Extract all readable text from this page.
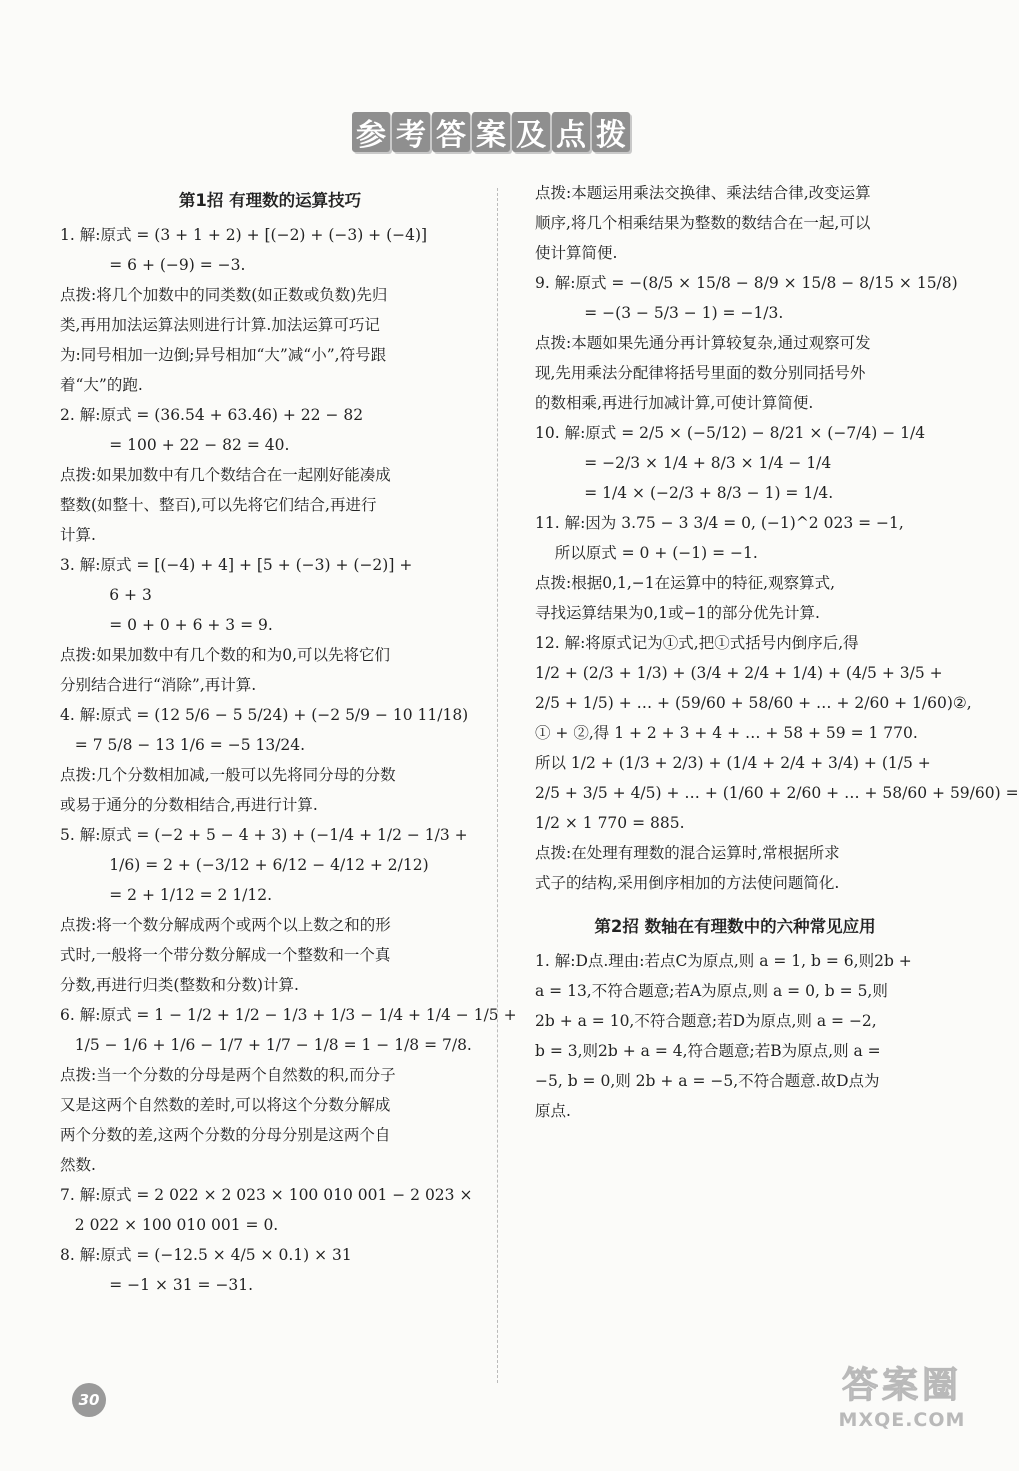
参 考 答 案 及 点 拨
第1招 有理数的运算技巧
1. 解:原式 = (3 + 1 + 2) + [(−2) + (−3) + (−4)]
= 6 + (−9) = −3.
点拨:将几个加数中的同类数(如正数或负数)先归
类,再用加法运算法则进行计算.加法运算可巧记
为:同号相加一边倒;异号相加“大”减“小”,符号跟
着“大”的跑.
2. 解:原式 = (36.54 + 63.46) + 22 − 82
= 100 + 22 − 82 = 40.
点拨:如果加数中有几个数结合在一起刚好能凑成
整数(如整十、整百),可以先将它们结合,再进行
计算.
3. 解:原式 = [(−4) + 4] + [5 + (−3) + (−2)] +
6 + 3
= 0 + 0 + 6 + 3 = 9.
点拨:如果加数中有几个数的和为0,可以先将它们
分别结合进行“消除”,再计算.
4. 解:原式 = (12 5/6 − 5 5/24) + (−2 5/9 − 10 11/18)
= 7 5/8 − 13 1/6 = −5 13/24.
点拨:几个分数相加减,一般可以先将同分母的分数
或易于通分的分数相结合,再进行计算.
5. 解:原式 = (−2 + 5 − 4 + 3) + (−1/4 + 1/2 − 1/3 +
1/6) = 2 + (−3/12 + 6/12 − 4/12 + 2/12)
= 2 + 1/12 = 2 1/12.
点拨:将一个数分解成两个或两个以上数之和的形
式时,一般将一个带分数分解成一个整数和一个真
分数,再进行归类(整数和分数)计算.
6. 解:原式 = 1 − 1/2 + 1/2 − 1/3 + 1/3 − 1/4 + 1/4 − 1/5 +
1/5 − 1/6 + 1/6 − 1/7 + 1/7 − 1/8 = 1 − 1/8 = 7/8.
点拨:当一个分数的分母是两个自然数的积,而分子
又是这两个自然数的差时,可以将这个分数分解成
两个分数的差,这两个分数的分母分别是这两个自
然数.
7. 解:原式 = 2 022 × 2 023 × 100 010 001 − 2 023 ×
2 022 × 100 010 001 = 0.
8. 解:原式 = (−12.5 × 4/5 × 0.1) × 31
= −1 × 31 = −31.
点拨:本题运用乘法交换律、乘法结合律,改变运算
顺序,将几个相乘结果为整数的数结合在一起,可以
使计算简便.
9. 解:原式 = −(8/5 × 15/8 − 8/9 × 15/8 − 8/15 × 15/8)
= −(3 − 5/3 − 1) = −1/3.
点拨:本题如果先通分再计算较复杂,通过观察可发
现,先用乘法分配律将括号里面的数分别同括号外
的数相乘,再进行加减计算,可使计算简便.
10. 解:原式 = 2/5 × (−5/12) − 8/21 × (−7/4) − 1/4
= −2/3 × 1/4 + 8/3 × 1/4 − 1/4
= 1/4 × (−2/3 + 8/3 − 1) = 1/4.
11. 解:因为 3.75 − 3 3/4 = 0, (−1)^2 023 = −1,
所以原式 = 0 + (−1) = −1.
点拨:根据0,1,−1在运算中的特征,观察算式,
寻找运算结果为0,1或−1的部分优先计算.
12. 解:将原式记为①式,把①式括号内倒序后,得
1/2 + (2/3 + 1/3) + (3/4 + 2/4 + 1/4) + (4/5 + 3/5 +
2/5 + 1/5) + … + (59/60 + 58/60 + … + 2/60 + 1/60)②,
① + ②,得 1 + 2 + 3 + 4 + … + 58 + 59 = 1 770.
所以 1/2 + (1/3 + 2/3) + (1/4 + 2/4 + 3/4) + (1/5 +
2/5 + 3/5 + 4/5) + … + (1/60 + 2/60 + … + 58/60 + 59/60) =
1/2 × 1 770 = 885.
点拨:在处理有理数的混合运算时,常根据所求
式子的结构,采用倒序相加的方法使问题简化.
第2招 数轴在有理数中的六种常见应用
1. 解:D点.理由:若点C为原点,则 a = 1, b = 6,则2b +
a = 13,不符合题意;若A为原点,则 a = 0, b = 5,则
2b + a = 10,不符合题意;若D为原点,则 a = −2,
b = 3,则2b + a = 4,符合题意;若B为原点,则 a =
−5, b = 0,则 2b + a = −5,不符合题意.故D点为
原点.
30	答案圈
MXQE.COM
